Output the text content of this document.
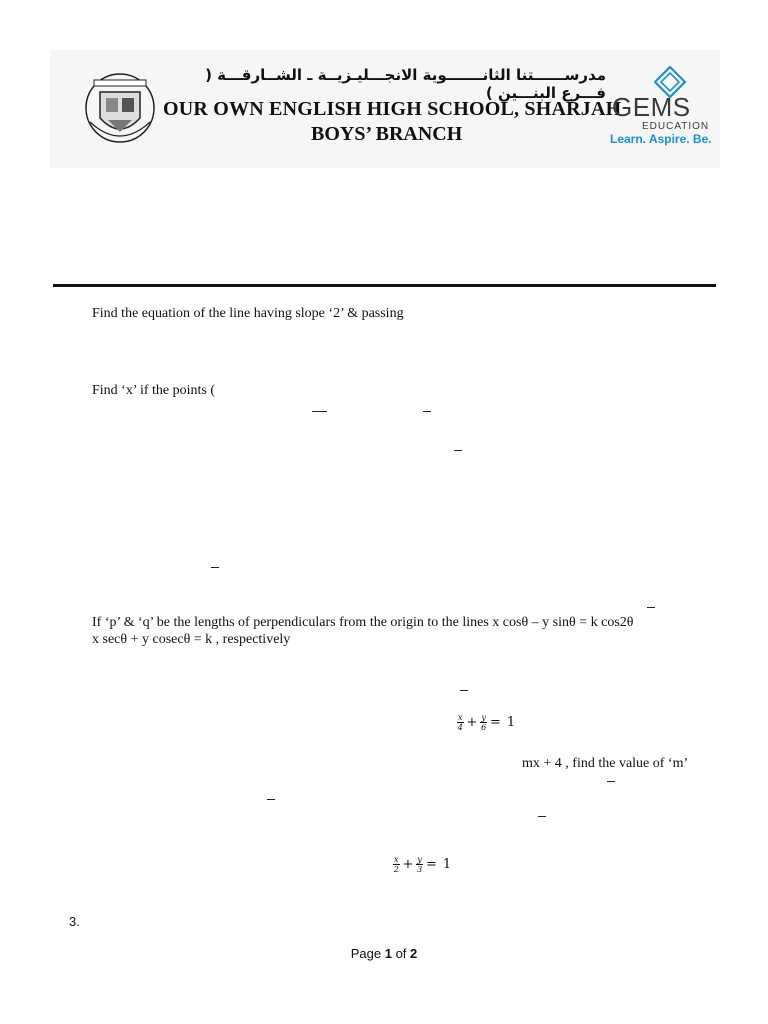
مدرســــــتنا الثانـــــــوية الانجـــليـزيــة ـ الشــارقـــة ( فـــرع البنـــين )
OUR OWN ENGLISH HIGH SCHOOL, SHARJAH
BOYS’ BRANCH
GEMS
EDUCATION
Learn. Aspire. Be.
Find the equation of the line having slope ‘2’ & passing
Find ‘x’ if the points (
If ‘p’ & ‘q’ be the lengths of perpendiculars from the origin to the lines x cosθ – y sinθ = k cos2θ
x secθ + y cosecθ = k , respectively
$\frac{x}{4} + \frac{y}{6} = 1$
mx + 4 , find the value of ‘m’
$\frac{x}{2} + \frac{y}{3} = 1$
3.
Page 1 of 2
